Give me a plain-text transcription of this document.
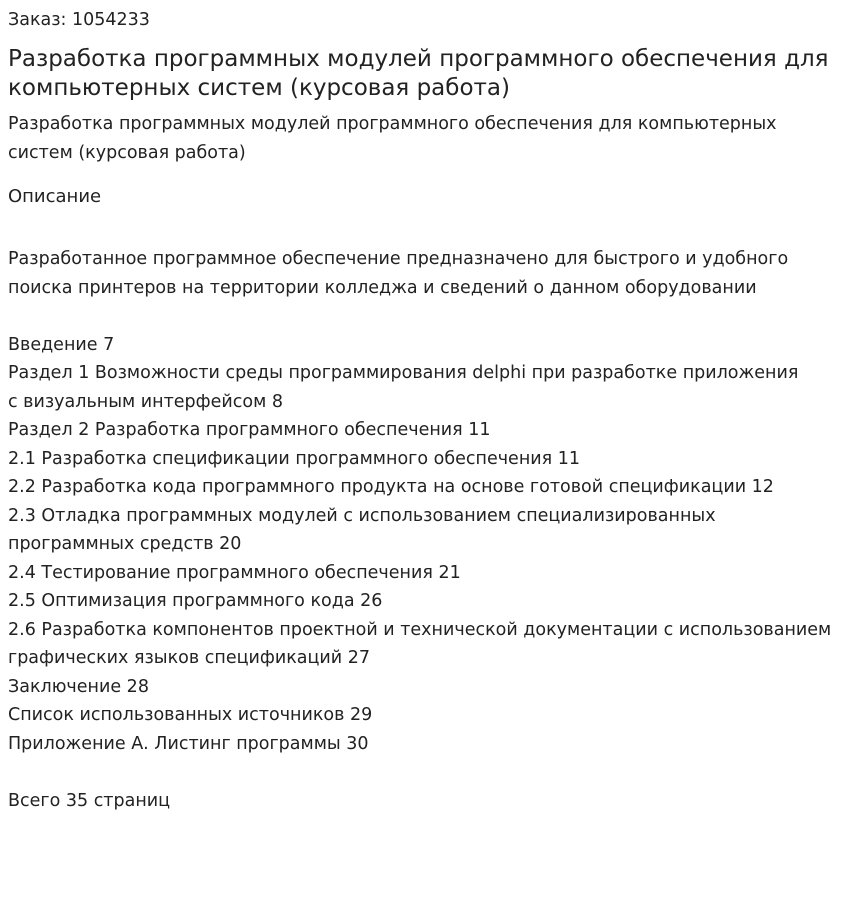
Заказ: 1054233

Разработка программных модулей программного обеспечения для компьютерных систем (курсовая работа)

Разработка программных модулей программного обеспечения для компьютерных систем (курсовая работа)

Описание

Разработанное программное обеспечение предназначено для быстрого и удобного поиска принтеров на территории колледжа и сведений о данном оборудовании

Введение 7
Раздел 1 Возможности среды программирования delphi при разработке приложения
с визуальным интерфейсом 8
Раздел 2 Разработка программного обеспечения 11
2.1 Разработка спецификации программного обеспечения 11
2.2 Разработка кода программного продукта на основе готовой спецификации 12
2.3 Отладка программных модулей с использованием специализированных программных средств 20
2.4 Тестирование программного обеспечения 21
2.5 Оптимизация программного кода 26
2.6 Разработка компонентов проектной и технической документации с использованием графических языков спецификаций 27
Заключение 28
Список использованных источников 29
Приложение А. Листинг программы 30

Всего 35 страниц
